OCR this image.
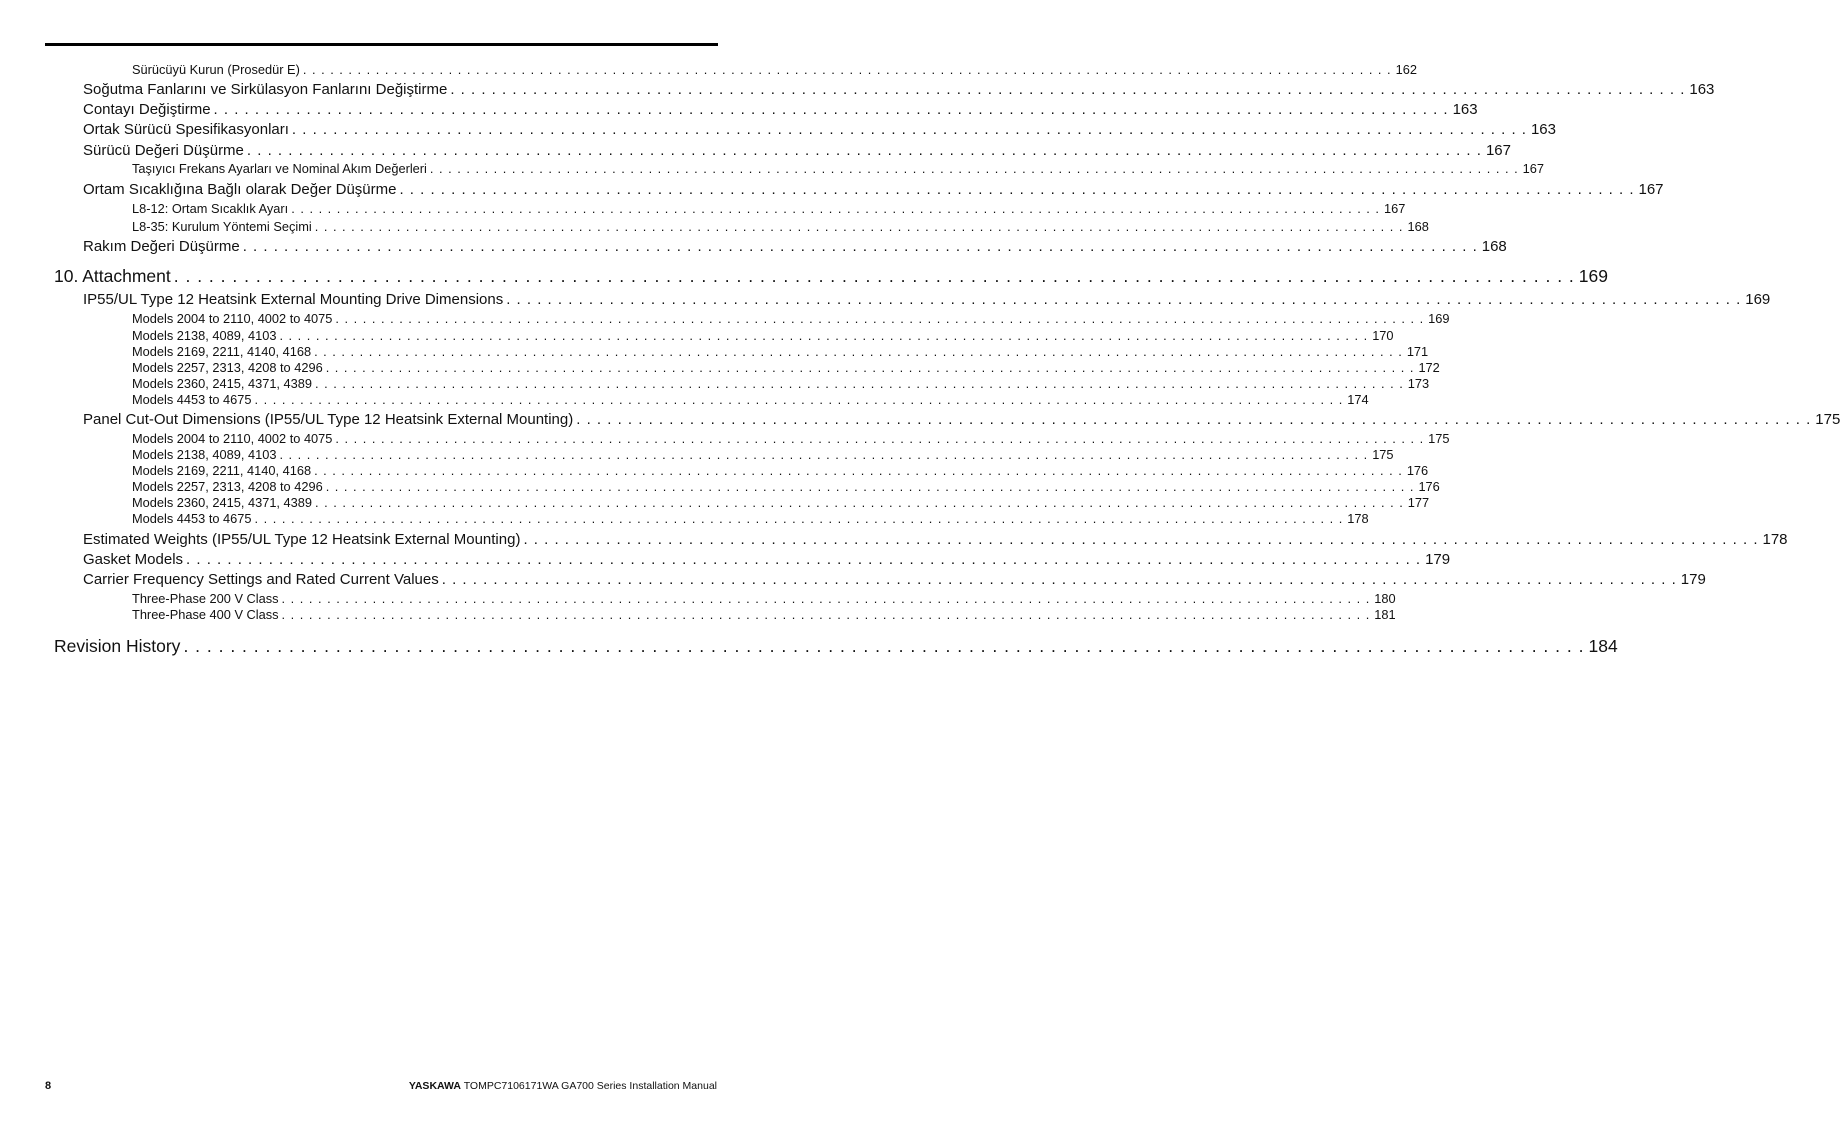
Sürücüyü Kurun (Prosedür E) . . . . . . . . . . . . . . . . . . . . . . . . . . . . . . . . . . . . . . . . . . . . . . . . . . . . . . . . . . . . . . . . . . . . . . . . . . . . . . . . . . . . . . . . . . . . . . . . . . . . . . . . . . . . . . . . . . . . . . . . 162
Soğutma Fanlarını ve Sirkülasyon Fanlarını Değiştirme . . . . . . . . . . . . . . . . . . . . . . . . . . . . . . . . . . . . . . . . . . . . . . . . . . . . . . . . . . . . . . . . . . . . . . . . . . . . . . . . . . . . . . . . . . . . . . . . . . . . . . . . . . . . . . . . . . . . . . . . 163
Contayı Değiştirme . . . . . . . . . . . . . . . . . . . . . . . . . . . . . . . . . . . . . . . . . . . . . . . . . . . . . . . . . . . . . . . . . . . . . . . . . . . . . . . . . . . . . . . . . . . . . . . . . . . . . . . . . . . . . . . . . . . . . . . . 163
Ortak Sürücü Spesifikasyonları . . . . . . . . . . . . . . . . . . . . . . . . . . . . . . . . . . . . . . . . . . . . . . . . . . . . . . . . . . . . . . . . . . . . . . . . . . . . . . . . . . . . . . . . . . . . . . . . . . . . . . . . . . . . . . . . . . . . . . . . 163
Sürücü Değeri Düşürme . . . . . . . . . . . . . . . . . . . . . . . . . . . . . . . . . . . . . . . . . . . . . . . . . . . . . . . . . . . . . . . . . . . . . . . . . . . . . . . . . . . . . . . . . . . . . . . . . . . . . . . . . . . . . . . . . . . . . . . . 167
Taşıyıcı Frekans Ayarları ve Nominal Akım Değerleri . . . . . . . . . . . . . . . . . . . . . . . . . . . . . . . . . . . . . . . . . . . . . . . . . . . . . . . . . . . . . . . . . . . . . . . . . . . . . . . . . . . . . . . . . . . . . . . . . . . . . . . . . . . . . . . . . . . . . . . . 167
Ortam Sıcaklığına Bağlı olarak Değer Düşürme . . . . . . . . . . . . . . . . . . . . . . . . . . . . . . . . . . . . . . . . . . . . . . . . . . . . . . . . . . . . . . . . . . . . . . . . . . . . . . . . . . . . . . . . . . . . . . . . . . . . . . . . . . . . . . . . . . . . . . . . 167
L8-12: Ortam Sıcaklık Ayarı . . . . . . . . . . . . . . . . . . . . . . . . . . . . . . . . . . . . . . . . . . . . . . . . . . . . . . . . . . . . . . . . . . . . . . . . . . . . . . . . . . . . . . . . . . . . . . . . . . . . . . . . . . . . . . . . . . . . . . . . 167
L8-35: Kurulum Yöntemi Seçimi . . . . . . . . . . . . . . . . . . . . . . . . . . . . . . . . . . . . . . . . . . . . . . . . . . . . . . . . . . . . . . . . . . . . . . . . . . . . . . . . . . . . . . . . . . . . . . . . . . . . . . . . . . . . . . . . . . . . . . . . 168
Rakım Değeri Düşürme . . . . . . . . . . . . . . . . . . . . . . . . . . . . . . . . . . . . . . . . . . . . . . . . . . . . . . . . . . . . . . . . . . . . . . . . . . . . . . . . . . . . . . . . . . . . . . . . . . . . . . . . . . . . . . . . . . . . . . . . 168
10. Attachment . . . . . . . . . . . . . . . . . . . . . . . . . . . . . . . . . . . . . . . . . . . . . . . . . . . . . . . . . . . . . . . . . . . . . . . . . . . . . . . . . . . . . . . . . . . . . . . . . . . . . . . . . . . . . . . . . . . . . . . . 169
IP55/UL Type 12 Heatsink External Mounting Drive Dimensions . . . . . . . . . . . . . . . . . . . . . . . . . . . . . . . . . . . . . . . . . . . . . . . . . . . . . . . . . . . . . . . . . . . . . . . . . . . . . . . . . . . . . . . . . . . . . . . . . . . . . . . . . . . . . . . . . . . . . . . . 169
Models 2004 to 2110, 4002 to 4075 . . . . . . . . . . . . . . . . . . . . . . . . . . . . . . . . . . . . . . . . . . . . . . . . . . . . . . . . . . . . . . . . . . . . . . . . . . . . . . . . . . . . . . . . . . . . . . . . . . . . . . . . . . . . . . . . . . . . . . . . 169
Models 2138, 4089, 4103 . . . . . . . . . . . . . . . . . . . . . . . . . . . . . . . . . . . . . . . . . . . . . . . . . . . . . . . . . . . . . . . . . . . . . . . . . . . . . . . . . . . . . . . . . . . . . . . . . . . . . . . . . . . . . . . . . . . . . . . . 170
Models 2169, 2211, 4140, 4168 . . . . . . . . . . . . . . . . . . . . . . . . . . . . . . . . . . . . . . . . . . . . . . . . . . . . . . . . . . . . . . . . . . . . . . . . . . . . . . . . . . . . . . . . . . . . . . . . . . . . . . . . . . . . . . . . . . . . . . . . 171
Models 2257, 2313, 4208 to 4296 . . . . . . . . . . . . . . . . . . . . . . . . . . . . . . . . . . . . . . . . . . . . . . . . . . . . . . . . . . . . . . . . . . . . . . . . . . . . . . . . . . . . . . . . . . . . . . . . . . . . . . . . . . . . . . . . . . . . . . . . 172
Models 2360, 2415, 4371, 4389 . . . . . . . . . . . . . . . . . . . . . . . . . . . . . . . . . . . . . . . . . . . . . . . . . . . . . . . . . . . . . . . . . . . . . . . . . . . . . . . . . . . . . . . . . . . . . . . . . . . . . . . . . . . . . . . . . . . . . . . . 173
Models 4453 to 4675 . . . . . . . . . . . . . . . . . . . . . . . . . . . . . . . . . . . . . . . . . . . . . . . . . . . . . . . . . . . . . . . . . . . . . . . . . . . . . . . . . . . . . . . . . . . . . . . . . . . . . . . . . . . . . . . . . . . . . . . . 174
Panel Cut-Out Dimensions (IP55/UL Type 12 Heatsink External Mounting) . . . . . . . . . . . . . . . . . . . . . . . . . . . . . . . . . . . . . . . . . . . . . . . . . . . . . . . . . . . . . . . . . . . . . . . . . . . . . . . . . . . . . . . . . . . . . . . . . . . . . . . . . . . . . . . . . . . . . . . . 175
Models 2004 to 2110, 4002 to 4075 . . . . . . . . . . . . . . . . . . . . . . . . . . . . . . . . . . . . . . . . . . . . . . . . . . . . . . . . . . . . . . . . . . . . . . . . . . . . . . . . . . . . . . . . . . . . . . . . . . . . . . . . . . . . . . . . . . . . . . . . 175
Models 2138, 4089, 4103 . . . . . . . . . . . . . . . . . . . . . . . . . . . . . . . . . . . . . . . . . . . . . . . . . . . . . . . . . . . . . . . . . . . . . . . . . . . . . . . . . . . . . . . . . . . . . . . . . . . . . . . . . . . . . . . . . . . . . . . . 175
Models 2169, 2211, 4140, 4168 . . . . . . . . . . . . . . . . . . . . . . . . . . . . . . . . . . . . . . . . . . . . . . . . . . . . . . . . . . . . . . . . . . . . . . . . . . . . . . . . . . . . . . . . . . . . . . . . . . . . . . . . . . . . . . . . . . . . . . . . 176
Models 2257, 2313, 4208 to 4296 . . . . . . . . . . . . . . . . . . . . . . . . . . . . . . . . . . . . . . . . . . . . . . . . . . . . . . . . . . . . . . . . . . . . . . . . . . . . . . . . . . . . . . . . . . . . . . . . . . . . . . . . . . . . . . . . . . . . . . . . 176
Models 2360, 2415, 4371, 4389 . . . . . . . . . . . . . . . . . . . . . . . . . . . . . . . . . . . . . . . . . . . . . . . . . . . . . . . . . . . . . . . . . . . . . . . . . . . . . . . . . . . . . . . . . . . . . . . . . . . . . . . . . . . . . . . . . . . . . . . . 177
Models 4453 to 4675 . . . . . . . . . . . . . . . . . . . . . . . . . . . . . . . . . . . . . . . . . . . . . . . . . . . . . . . . . . . . . . . . . . . . . . . . . . . . . . . . . . . . . . . . . . . . . . . . . . . . . . . . . . . . . . . . . . . . . . . . 178
Estimated Weights (IP55/UL Type 12 Heatsink External Mounting) . . . . . . . . . . . . . . . . . . . . . . . . . . . . . . . . . . . . . . . . . . . . . . . . . . . . . . . . . . . . . . . . . . . . . . . . . . . . . . . . . . . . . . . . . . . . . . . . . . . . . . . . . . . . . . . . . . . . . . . . 178
Gasket Models . . . . . . . . . . . . . . . . . . . . . . . . . . . . . . . . . . . . . . . . . . . . . . . . . . . . . . . . . . . . . . . . . . . . . . . . . . . . . . . . . . . . . . . . . . . . . . . . . . . . . . . . . . . . . . . . . . . . . . . . 179
Carrier Frequency Settings and Rated Current Values . . . . . . . . . . . . . . . . . . . . . . . . . . . . . . . . . . . . . . . . . . . . . . . . . . . . . . . . . . . . . . . . . . . . . . . . . . . . . . . . . . . . . . . . . . . . . . . . . . . . . . . . . . . . . . . . . . . . . . . . 179
Three-Phase 200 V Class . . . . . . . . . . . . . . . . . . . . . . . . . . . . . . . . . . . . . . . . . . . . . . . . . . . . . . . . . . . . . . . . . . . . . . . . . . . . . . . . . . . . . . . . . . . . . . . . . . . . . . . . . . . . . . . . . . . . . . . . 180
Three-Phase 400 V Class . . . . . . . . . . . . . . . . . . . . . . . . . . . . . . . . . . . . . . . . . . . . . . . . . . . . . . . . . . . . . . . . . . . . . . . . . . . . . . . . . . . . . . . . . . . . . . . . . . . . . . . . . . . . . . . . . . . . . . . . 181
Revision History . . . . . . . . . . . . . . . . . . . . . . . . . . . . . . . . . . . . . . . . . . . . . . . . . . . . . . . . . . . . . . . . . . . . . . . . . . . . . . . . . . . . . . . . . . . . . . . . . . . . . . . . . . . . . . . . . . . . . . . . 184
8	YASKAWA TOMPC7106171WA GA700 Series Installation Manual
